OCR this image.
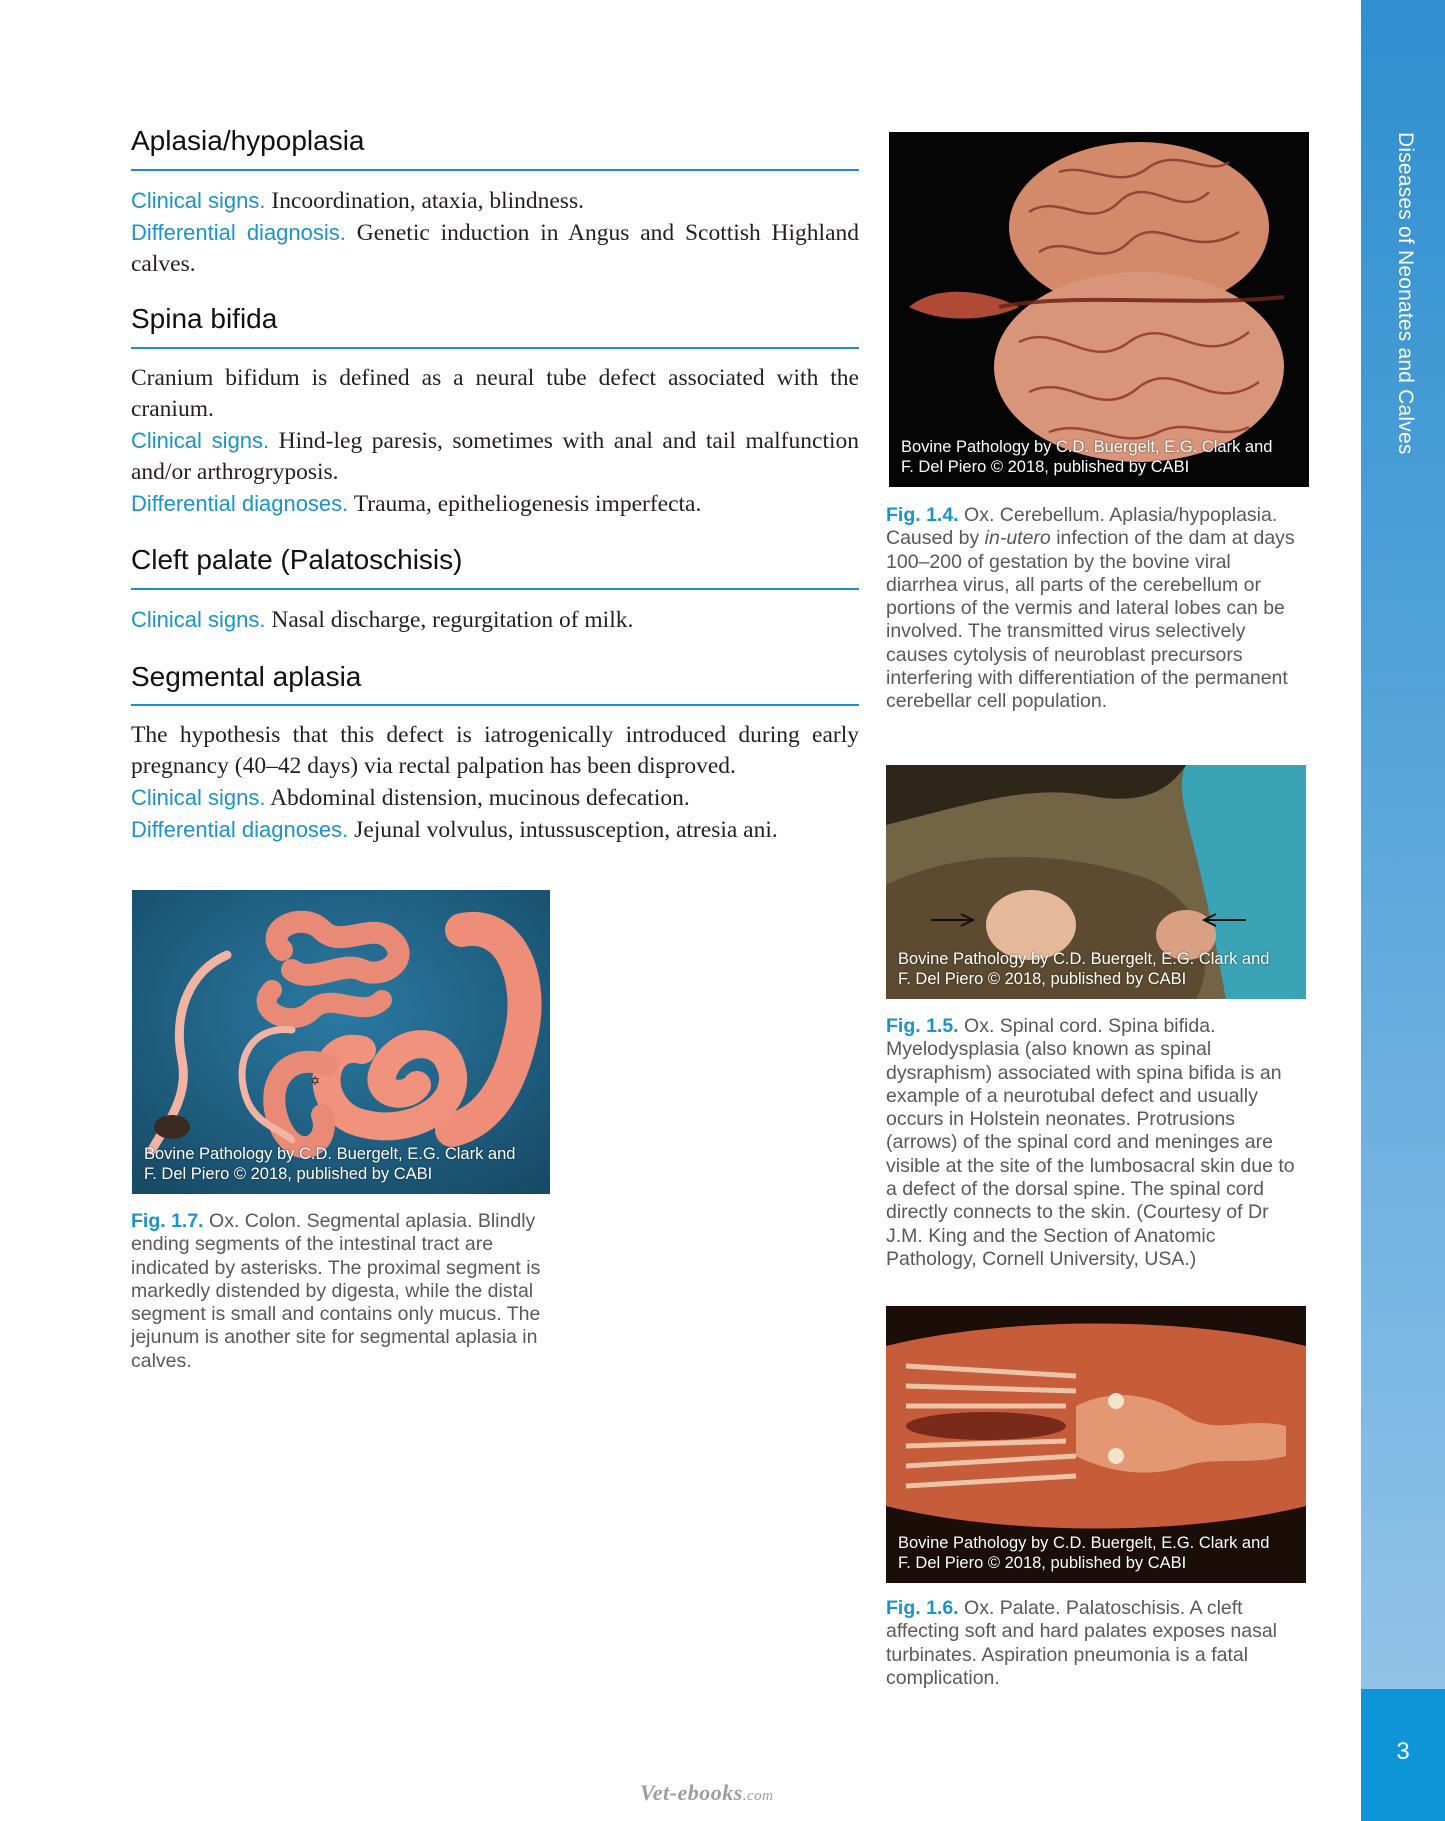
Diseases of Neonates and Calves
3
Aplasia/hypoplasia
Clinical signs. Incoordination, ataxia, blindness.
Differential diagnosis. Genetic induction in Angus and Scottish Highland calves.
Spina bifida
Cranium bifidum is defined as a neural tube defect associated with the cranium.
Clinical signs. Hind-leg paresis, sometimes with anal and tail malfunction and/or arthrogryposis.
Differential diagnoses. Trauma, epitheliogenesis imperfecta.
Cleft palate (Palatoschisis)
Clinical signs. Nasal discharge, regurgitation of milk.
Segmental aplasia
The hypothesis that this defect is iatrogenically introduced during early pregnancy (40–42 days) via rectal palpation has been disproved.
Clinical signs. Abdominal distension, mucinous defecation.
Differential diagnoses. Jejunal volvulus, intussusception, atresia ani.
✡
Bovine Pathology by C.D. Buergelt, E.G. Clark and
F. Del Piero © 2018, published by CABI
Fig. 1.7. Ox. Colon. Segmental aplasia. Blindly ending segments of the intestinal tract are indicated by asterisks. The proximal segment is markedly distended by digesta, while the distal segment is small and contains only mucus. The jejunum is another site for segmental aplasia in calves.
Bovine Pathology by C.D. Buergelt, E.G. Clark and
F. Del Piero © 2018, published by CABI
Fig. 1.4. Ox. Cerebellum. Aplasia/hypoplasia. Caused by in-utero infection of the dam at days 100–200 of gestation by the bovine viral diarrhea virus, all parts of the cerebellum or portions of the vermis and lateral lobes can be involved. The transmitted virus selectively causes cytolysis of neuroblast precursors interfering with differentiation of the permanent cerebellar cell population.
Bovine Pathology by C.D. Buergelt, E.G. Clark and
F. Del Piero © 2018, published by CABI
Fig. 1.5. Ox. Spinal cord. Spina bifida. Myelodysplasia (also known as spinal dysraphism) associated with spina bifida is an example of a neurotubal defect and usually occurs in Holstein neonates. Protrusions (arrows) of the spinal cord and meninges are visible at the site of the lumbosacral skin due to a defect of the dorsal spine. The spinal cord directly connects to the skin. (Courtesy of Dr J.M. King and the Section of Anatomic Pathology, Cornell University, USA.)
Bovine Pathology by C.D. Buergelt, E.G. Clark and
F. Del Piero © 2018, published by CABI
Fig. 1.6. Ox. Palate. Palatoschisis. A cleft affecting soft and hard palates exposes nasal turbinates. Aspiration pneumonia is a fatal complication.
Vet-ebooks.com
